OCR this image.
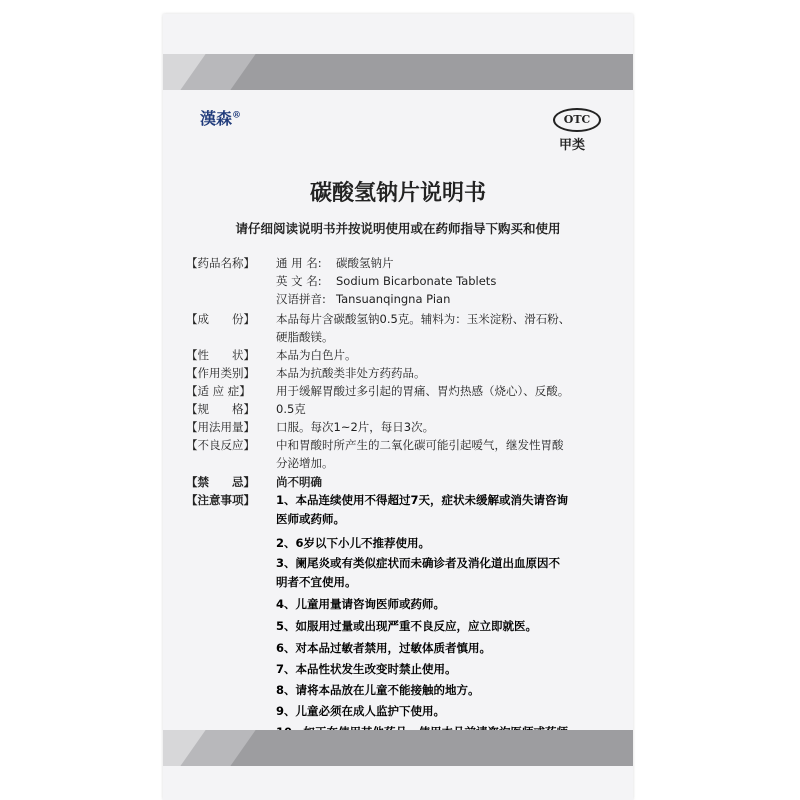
漢森®	OTC
甲类
碳酸氢钠片说明书
请仔细阅读说明书并按说明使用或在药师指导下购买和使用
【药品名称】	通 用 名: 碳酸氢钠片
英 文 名: Sodium Bicarbonate Tablets
汉语拼音: Tansuanqingna Pian
【成　　份】	本品每片含碳酸氢钠0.5克。辅料为：玉米淀粉、滑石粉、
硬脂酸镁。
【性　　状】	本品为白色片。
【作用类别】	本品为抗酸类非处方药药品。
【适 应 症】	用于缓解胃酸过多引起的胃痛、胃灼热感（烧心）、反酸。
【规　　格】	0.5克
【用法用量】	口服。每次1~2片，每日3次。
【不良反应】	中和胃酸时所产生的二氧化碳可能引起嗳气，继发性胃酸
分泌增加。
【禁　　忌】	尚不明确
【注意事项】	1、本品连续使用不得超过7天，症状未缓解或消失请咨询
医师或药师。
2、6岁以下小儿不推荐使用。
3、阑尾炎或有类似症状而未确诊者及消化道出血原因不
明者不宜使用。
4、儿童用量请咨询医师或药师。
5、如服用过量或出现严重不良反应，应立即就医。
6、对本品过敏者禁用，过敏体质者慎用。
7、本品性状发生改变时禁止使用。
8、请将本品放在儿童不能接触的地方。
9、儿童必须在成人监护下使用。
